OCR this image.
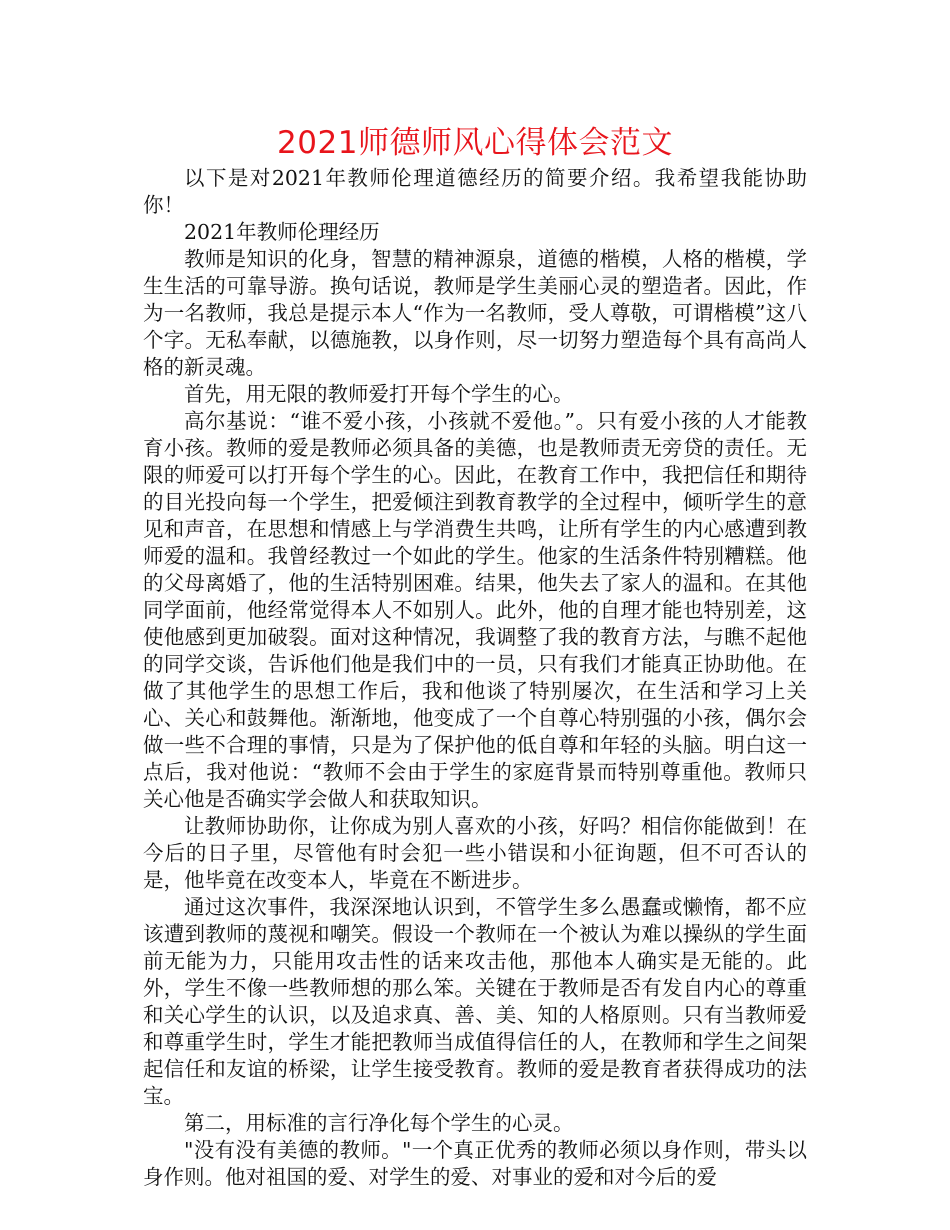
2021师德师风心得体会范文

以下是对2021年教师伦理道德经历的简要介绍。我希望我能协助你！

2021年教师伦理经历

教师是知识的化身，智慧的精神源泉，道德的楷模，人格的楷模，学生生活的可靠导游。换句话说，教师是学生美丽心灵的塑造者。因此，作为一名教师，我总是提示本人“作为一名教师，受人尊敬，可谓楷模”这八个字。无私奉献，以德施教，以身作则，尽一切努力塑造每个具有高尚人格的新灵魂。

首先，用无限的教师爱打开每个学生的心。

高尔基说：“谁不爱小孩，小孩就不爱他。”。只有爱小孩的人才能教育小孩。教师的爱是教师必须具备的美德，也是教师责无旁贷的责任。无限的师爱可以打开每个学生的心。因此，在教育工作中，我把信任和期待的目光投向每一个学生，把爱倾注到教育教学的全过程中，倾听学生的意见和声音，在思想和情感上与学消费生共鸣，让所有学生的内心感遭到教师爱的温和。我曾经教过一个如此的学生。他家的生活条件特别糟糕。他的父母离婚了，他的生活特别困难。结果，他失去了家人的温和。在其他同学面前，他经常觉得本人不如别人。此外，他的自理才能也特别差，这使他感到更加破裂。面对这种情况，我调整了我的教育方法，与瞧不起他的同学交谈，告诉他们他是我们中的一员，只有我们才能真正协助他。在做了其他学生的思想工作后，我和他谈了特别屡次，在生活和学习上关心、关心和鼓舞他。渐渐地，他变成了一个自尊心特别强的小孩，偶尔会做一些不合理的事情，只是为了保护他的低自尊和年轻的头脑。明白这一点后，我对他说：“教师不会由于学生的家庭背景而特别尊重他。教师只关心他是否确实学会做人和获取知识。

让教师协助你，让你成为别人喜欢的小孩，好吗？相信你能做到！在今后的日子里，尽管他有时会犯一些小错误和小征询题，但不可否认的是，他毕竟在改变本人，毕竟在不断进步。

通过这次事件，我深深地认识到，不管学生多么愚蠢或懒惰，都不应该遭到教师的蔑视和嘲笑。假设一个教师在一个被认为难以操纵的学生面前无能为力，只能用攻击性的话来攻击他，那他本人确实是无能的。此外，学生不像一些教师想的那么笨。关键在于教师是否有发自内心的尊重和关心学生的认识，以及追求真、善、美、知的人格原则。只有当教师爱和尊重学生时，学生才能把教师当成值得信任的人，在教师和学生之间架起信任和友谊的桥梁，让学生接受教育。教师的爱是教育者获得成功的法宝。

第二，用标准的言行净化每个学生的心灵。

"没有没有美德的教师。"一个真正优秀的教师必须以身作则，带头以身作则。他对祖国的爱、对学生的爱、对事业的爱和对今后的爱
